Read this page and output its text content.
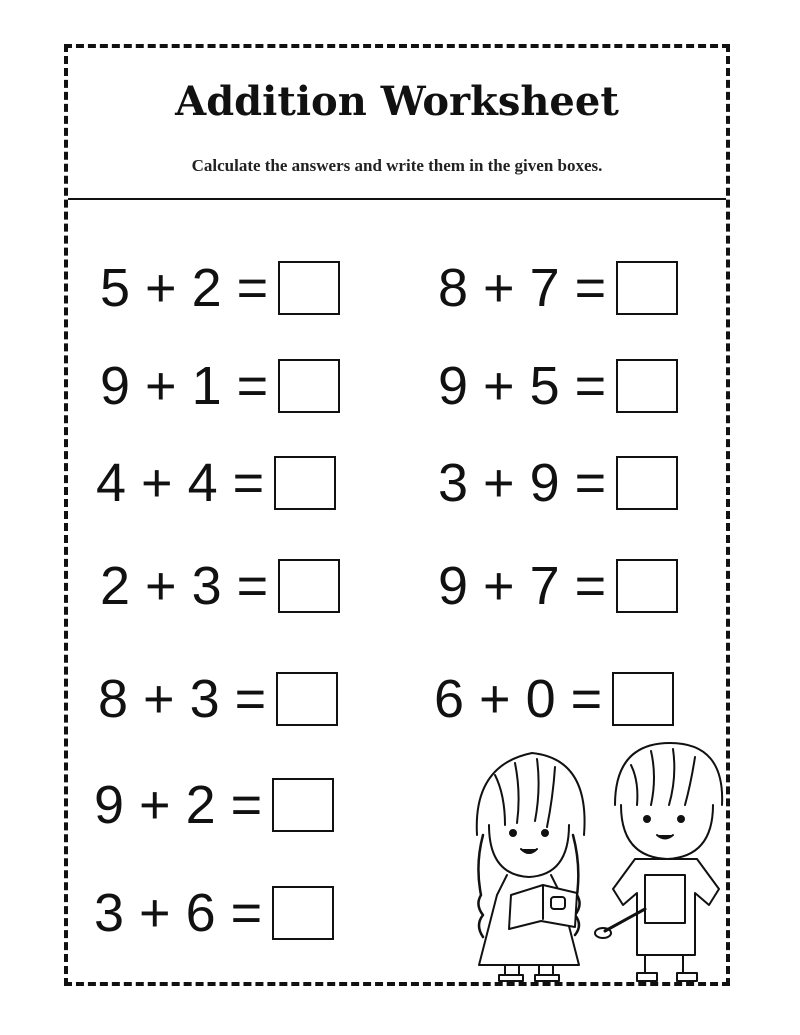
Addition Worksheet

Calculate the answers and write them in the given boxes.

5 + 2 =
9 + 1 =
4 + 4 =
2 + 3 =
8 + 3 =
9 + 2 =
3 + 6 =
8 + 7 =
9 + 5 =
3 + 9 =
9 + 7 =
6 + 0 =
